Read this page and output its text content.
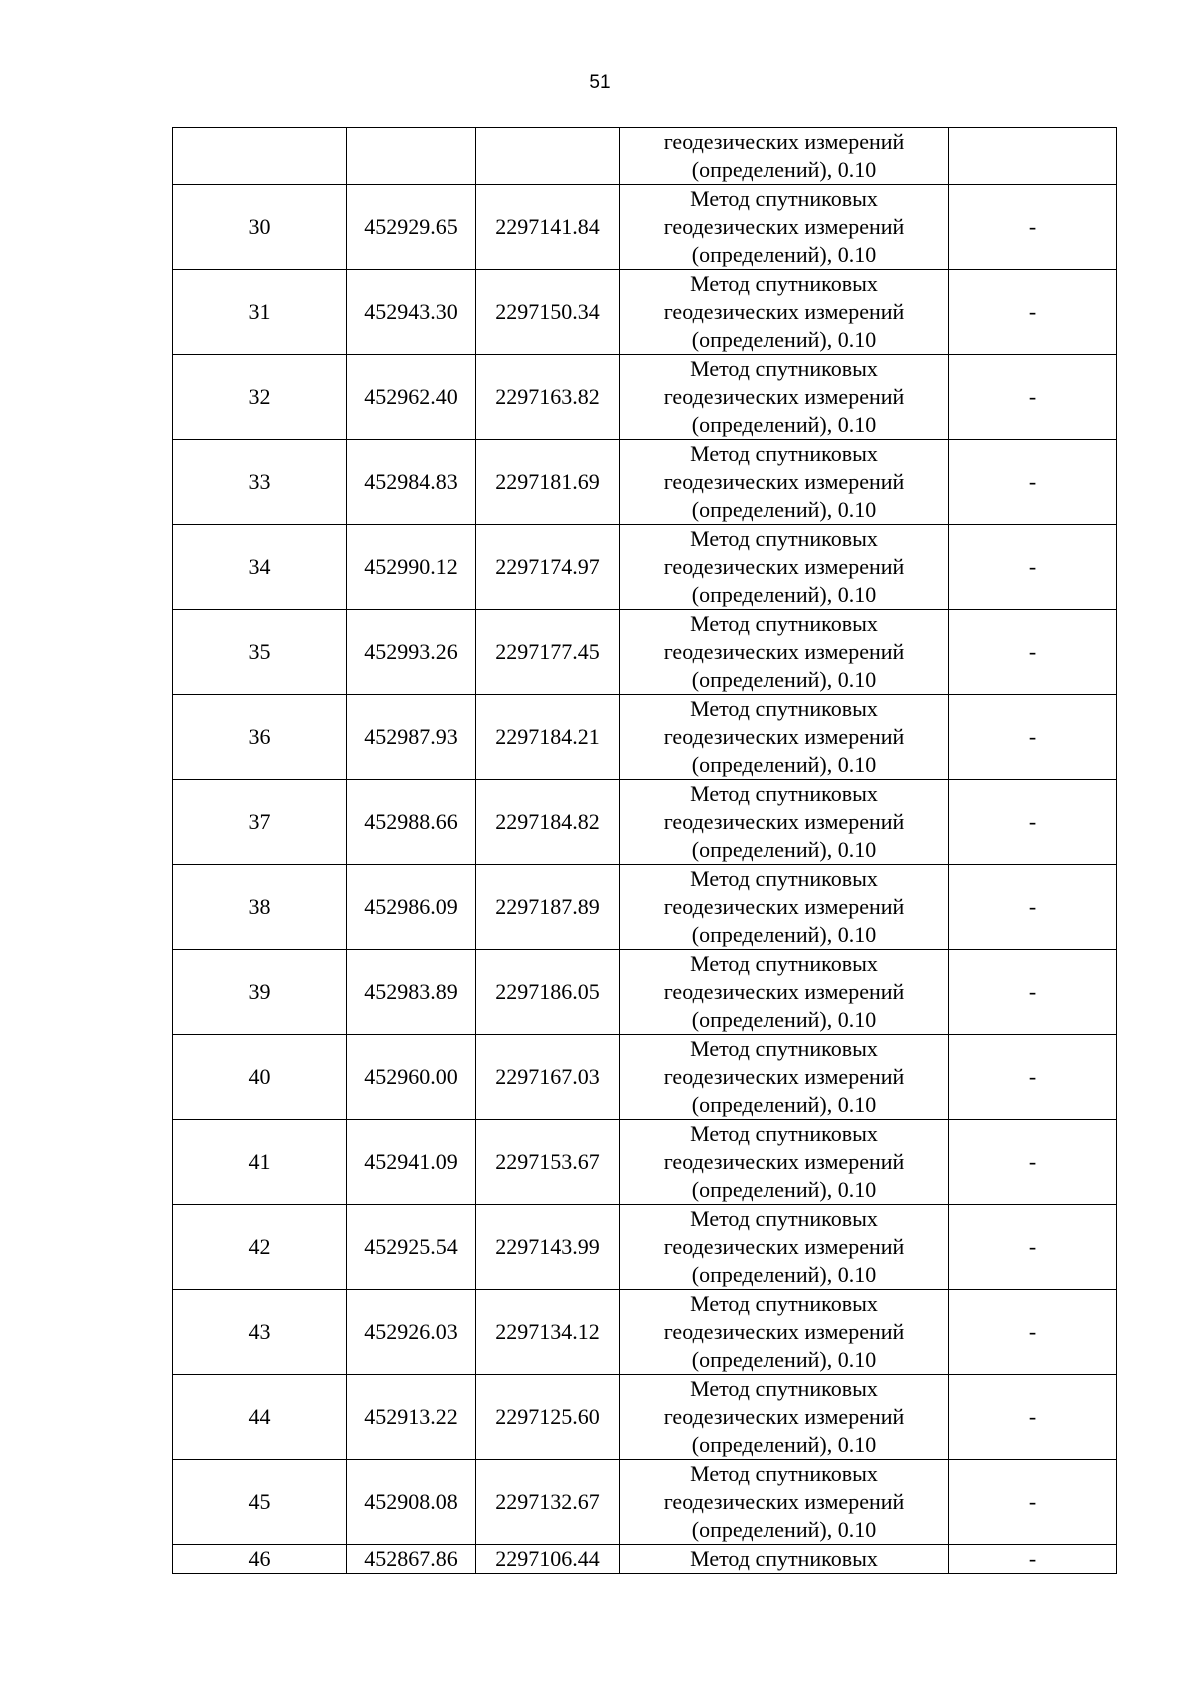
51

			геодезических измерений
(определений), 0.10	

30	452929.65	2297141.84	Метод спутниковых
геодезических измерений
(определений), 0.10	-
31	452943.30	2297150.34	Метод спутниковых
геодезических измерений
(определений), 0.10	-
32	452962.40	2297163.82	Метод спутниковых
геодезических измерений
(определений), 0.10	-
33	452984.83	2297181.69	Метод спутниковых
геодезических измерений
(определений), 0.10	-
34	452990.12	2297174.97	Метод спутниковых
геодезических измерений
(определений), 0.10	-
35	452993.26	2297177.45	Метод спутниковых
геодезических измерений
(определений), 0.10	-
36	452987.93	2297184.21	Метод спутниковых
геодезических измерений
(определений), 0.10	-
37	452988.66	2297184.82	Метод спутниковых
геодезических измерений
(определений), 0.10	-
38	452986.09	2297187.89	Метод спутниковых
геодезических измерений
(определений), 0.10	-
39	452983.89	2297186.05	Метод спутниковых
геодезических измерений
(определений), 0.10	-
40	452960.00	2297167.03	Метод спутниковых
геодезических измерений
(определений), 0.10	-
41	452941.09	2297153.67	Метод спутниковых
геодезических измерений
(определений), 0.10	-
42	452925.54	2297143.99	Метод спутниковых
геодезических измерений
(определений), 0.10	-
43	452926.03	2297134.12	Метод спутниковых
геодезических измерений
(определений), 0.10	-
44	452913.22	2297125.60	Метод спутниковых
геодезических измерений
(определений), 0.10	-
45	452908.08	2297132.67	Метод спутниковых
геодезических измерений
(определений), 0.10	-
46	452867.86	2297106.44	Метод спутниковых	-
